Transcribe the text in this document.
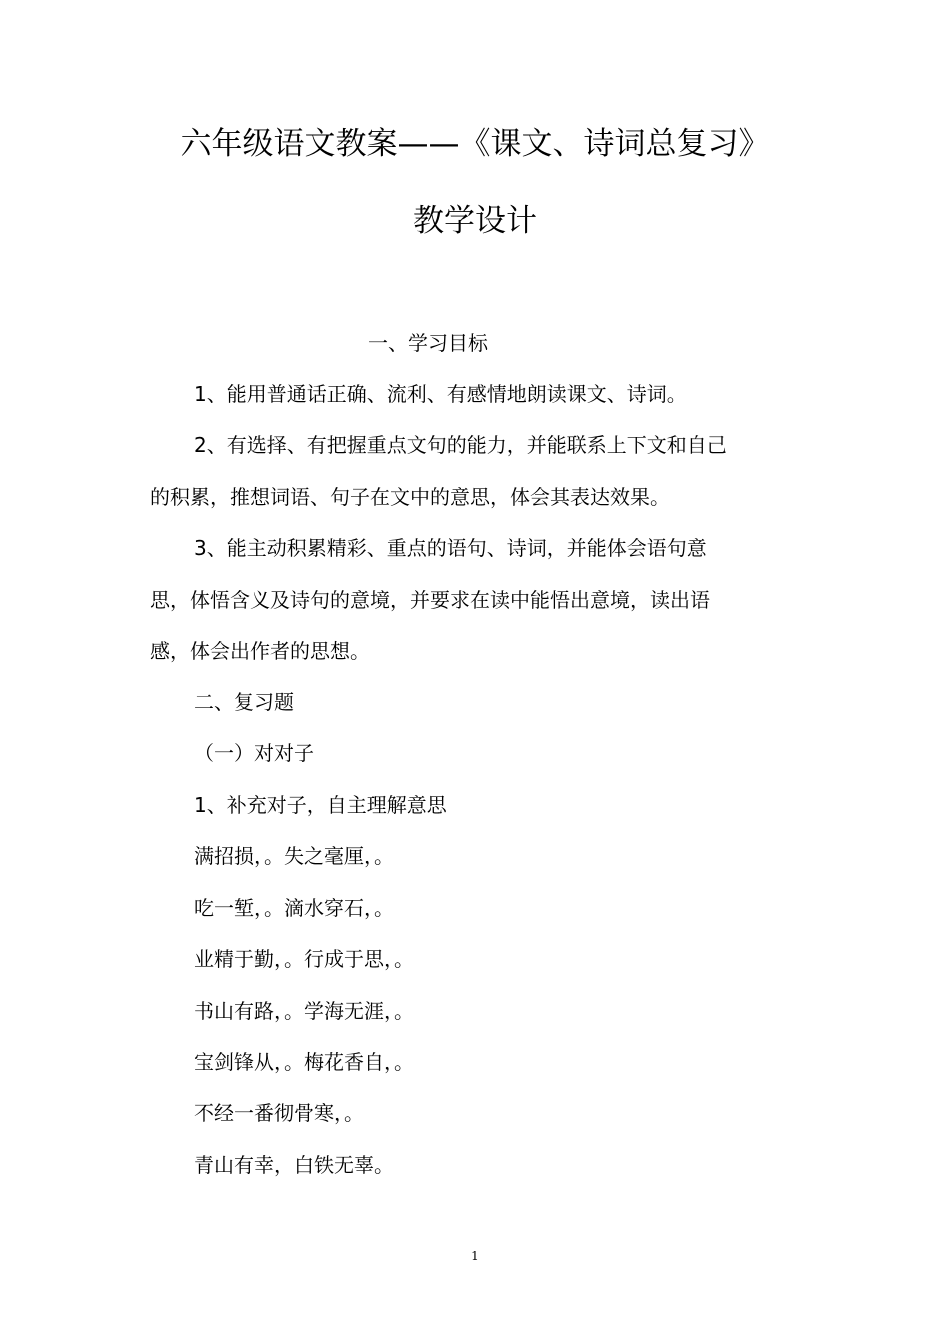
六年级语文教案——《课文、诗词总复习》
教学设计
一、学习目标
1、能用普通话正确、流利、有感情地朗读课文、诗词。
2、有选择、有把握重点文句的能力，并能联系上下文和自己
的积累，推想词语、句子在文中的意思，体会其表达效果。
3、能主动积累精彩、重点的语句、诗词，并能体会语句意
思，体悟含义及诗句的意境，并要求在读中能悟出意境，读出语
感，体会出作者的思想。
二、复习题
（一）对对子
1、补充对子，自主理解意思
满招损，。失之毫厘，。
吃一堑，。滴水穿石，。
业精于勤，。行成于思，。
书山有路，。学海无涯，。
宝剑锋从，。梅花香自，。
不经一番彻骨寒，。
青山有幸，白铁无辜。
1
